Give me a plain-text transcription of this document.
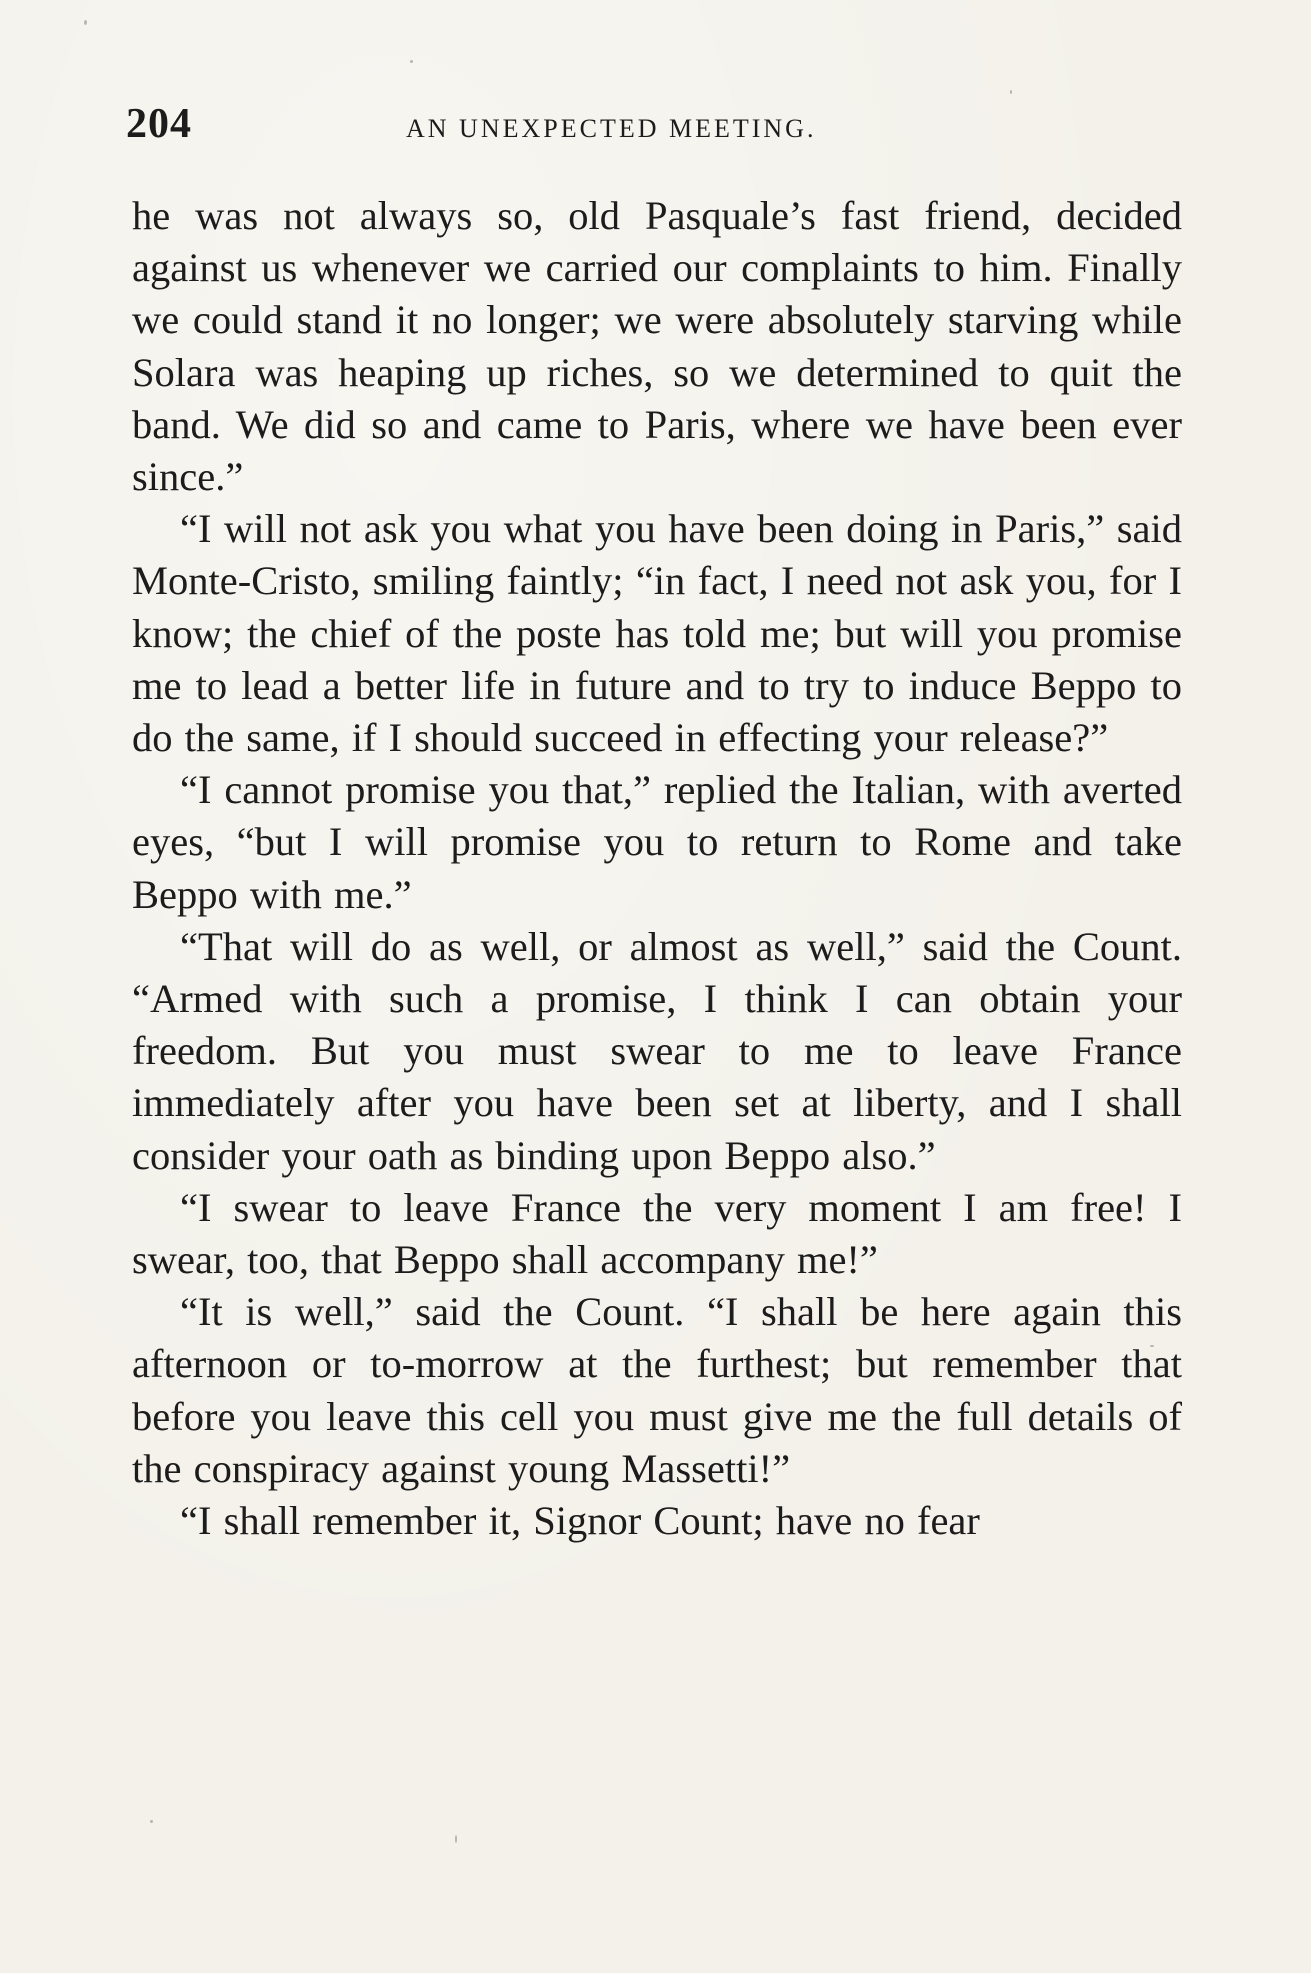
204	AN UNEXPECTED MEETING.

he was not always so, old Pasquale’s fast friend, decided against us whenever we carried our complaints to him. Finally we could stand it no longer; we were absolutely starving while Solara was heaping up riches, so we determined to quit the band. We did so and came to Paris, where we have been ever since.”

“I will not ask you what you have been doing in Paris,” said Monte-Cristo, smiling faintly; “in fact, I need not ask you, for I know; the chief of the poste has told me; but will you promise me to lead a better life in future and to try to induce Beppo to do the same, if I should succeed in effecting your release?”

“I cannot promise you that,” replied the Italian, with averted eyes, “but I will promise you to return to Rome and take Beppo with me.”

“That will do as well, or almost as well,” said the Count. “Armed with such a promise, I think I can obtain your freedom. But you must swear to me to leave France immediately after you have been set at liberty, and I shall consider your oath as binding upon Beppo also.”

“I swear to leave France the very moment I am free! I swear, too, that Beppo shall accompany me!”

“It is well,” said the Count. “I shall be here again this afternoon or to-morrow at the furthest; but remember that before you leave this cell you must give me the full details of the conspiracy against young Massetti!”

“I shall remember it, Signor Count; have no fear
